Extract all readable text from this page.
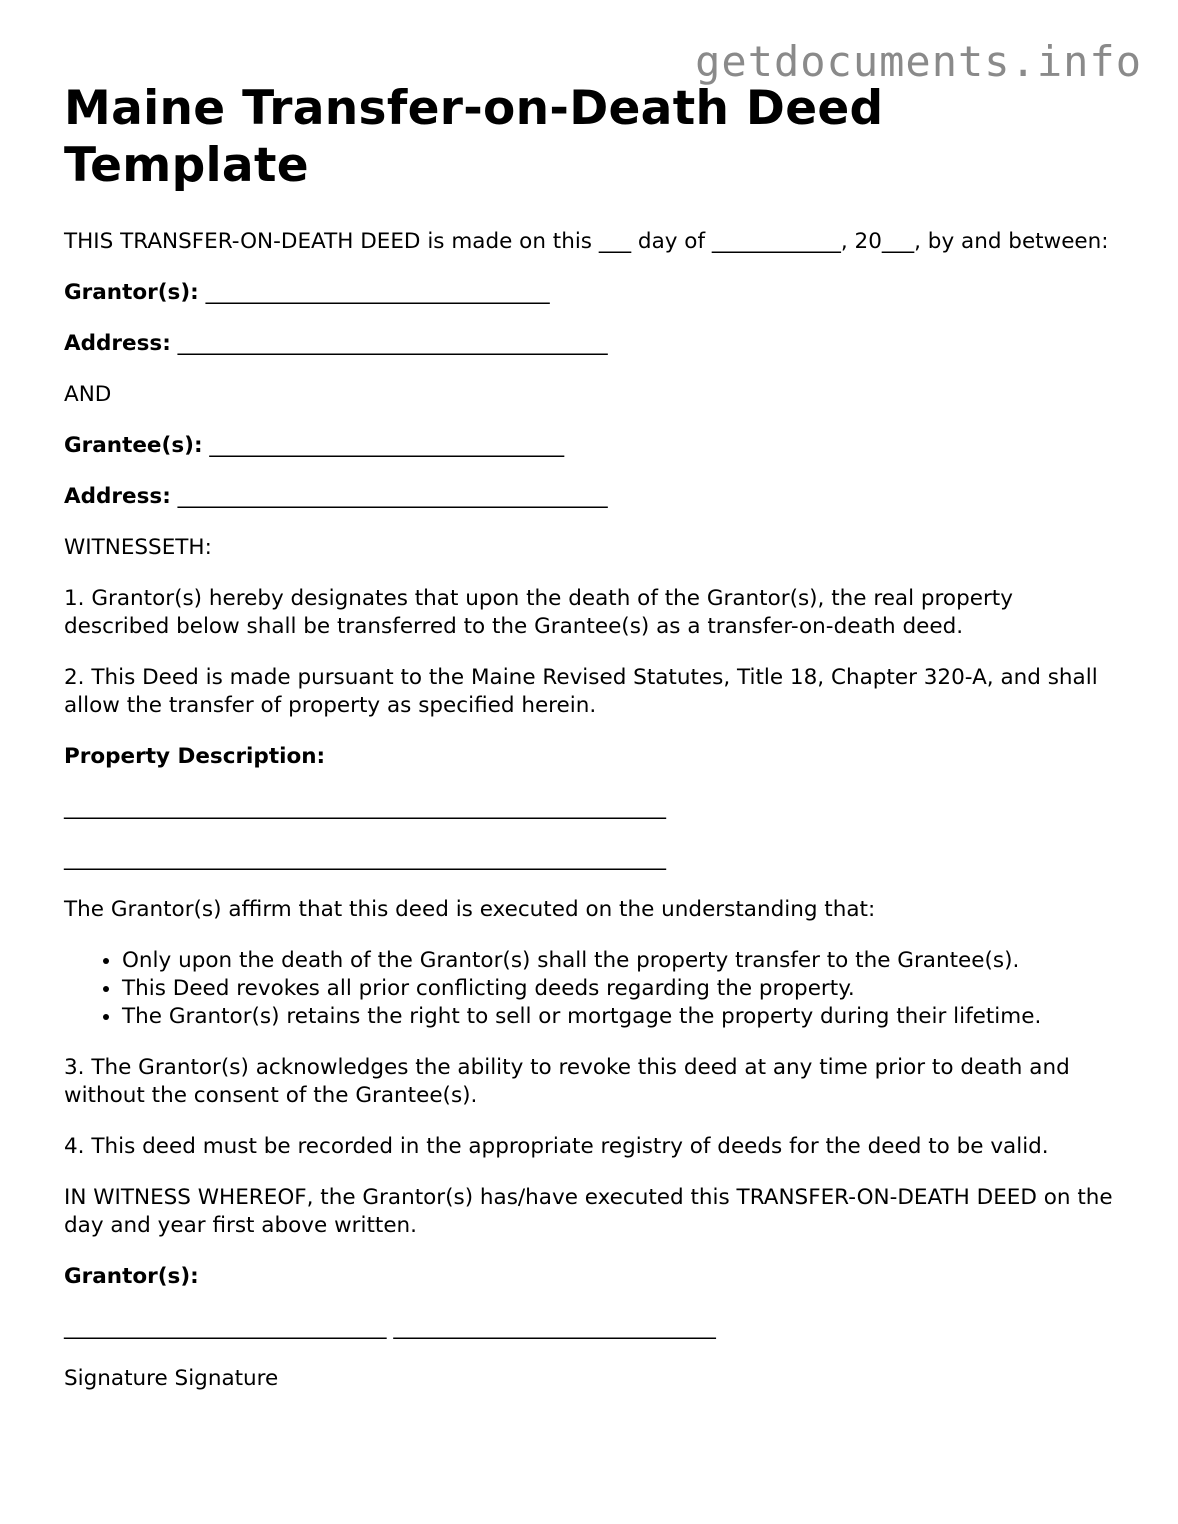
getdocuments.info
Maine Transfer-on-Death Deed Template

THIS TRANSFER-ON-DEATH DEED is made on this ___ day of ____________, 20___, by and between:

Grantor(s): ________________________________

Address: ________________________________________

AND

Grantee(s): _________________________________

Address: ________________________________________

WITNESSETH:

1. Grantor(s) hereby designates that upon the death of the Grantor(s), the real property described below shall be transferred to the Grantee(s) as a transfer-on-death deed.

2. This Deed is made pursuant to the Maine Revised Statutes, Title 18, Chapter 320-A, and shall allow the transfer of property as specified herein.

Property Description:

________________________________________________________
________________________________________________________

The Grantor(s) affirm that this deed is executed on the understanding that:

• Only upon the death of the Grantor(s) shall the property transfer to the Grantee(s).
• This Deed revokes all prior conflicting deeds regarding the property.
• The Grantor(s) retains the right to sell or mortgage the property during their lifetime.

3. The Grantor(s) acknowledges the ability to revoke this deed at any time prior to death and without the consent of the Grantee(s).

4. This deed must be recorded in the appropriate registry of deeds for the deed to be valid.

IN WITNESS WHEREOF, the Grantor(s) has/have executed this TRANSFER-ON-DEATH DEED on the day and year first above written.

Grantor(s):

______________________________ ______________________________

Signature Signature
